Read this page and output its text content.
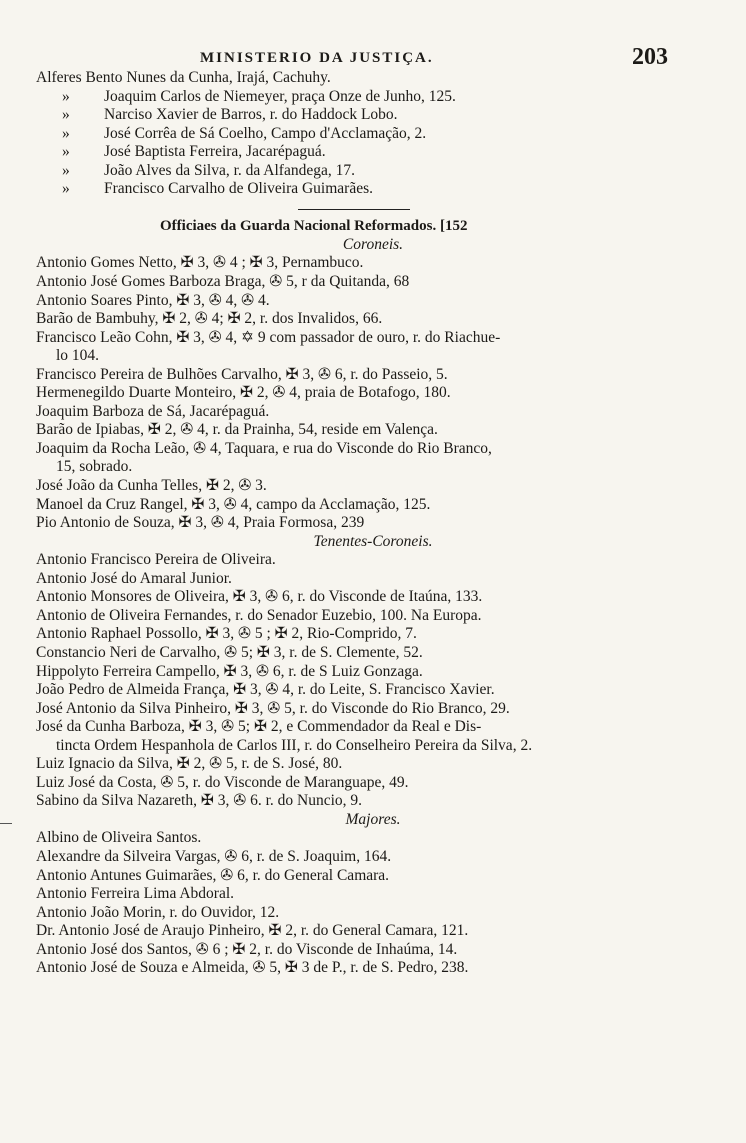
MINISTERIO DA JUSTIÇA.	203
Alferes Bento Nunes da Cunha, Irajá, Cachuhy.
» Joaquim Carlos de Niemeyer, praça Onze de Junho, 125.
» Narciso Xavier de Barros, r. do Haddock Lobo.
» José Corrêa de Sá Coelho, Campo d'Acclamação, 2.
» José Baptista Ferreira, Jacarépaguá.
» João Alves da Silva, r. da Alfandega, 17.
» Francisco Carvalho de Oliveira Guimarães.
Officiaes da Guarda Nacional Reformados. [152
Coroneis.
Antonio Gomes Netto, ✠ 3, ✇ 4 ; ✠ 3, Pernambuco.
Antonio José Gomes Barboza Braga, ✇ 5, r da Quitanda, 68
Antonio Soares Pinto, ✠ 3, ✇ 4, ✇ 4.
Barão de Bambuhy, ✠ 2, ✇ 4; ✠ 2, r. dos Invalidos, 66.
Francisco Leão Cohn, ✠ 3, ✇ 4, ✡ 9 com passador de ouro, r. do Riachue-
lo 104.
Francisco Pereira de Bulhões Carvalho, ✠ 3, ✇ 6, r. do Passeio, 5.
Hermenegildo Duarte Monteiro, ✠ 2, ✇ 4, praia de Botafogo, 180.
Joaquim Barboza de Sá, Jacarépaguá.
Barão de Ipiabas, ✠ 2, ✇ 4, r. da Prainha, 54, reside em Valença.
Joaquim da Rocha Leão, ✇ 4, Taquara, e rua do Visconde do Rio Branco,
15, sobrado.
José João da Cunha Telles, ✠ 2, ✇ 3.
Manoel da Cruz Rangel, ✠ 3, ✇ 4, campo da Acclamação, 125.
Pio Antonio de Souza, ✠ 3, ✇ 4, Praia Formosa, 239
Tenentes-Coroneis.
Antonio Francisco Pereira de Oliveira.
Antonio José do Amaral Junior.
Antonio Monsores de Oliveira, ✠ 3, ✇ 6, r. do Visconde de Itaúna, 133.
Antonio de Oliveira Fernandes, r. do Senador Euzebio, 100. Na Europa.
Antonio Raphael Possollo, ✠ 3, ✇ 5 ; ✠ 2, Rio-Comprido, 7.
Constancio Neri de Carvalho, ✇ 5; ✠ 3, r. de S. Clemente, 52.
Hippolyto Ferreira Campello, ✠ 3, ✇ 6, r. de S Luiz Gonzaga.
João Pedro de Almeida França, ✠ 3, ✇ 4, r. do Leite, S. Francisco Xavier.
José Antonio da Silva Pinheiro, ✠ 3, ✇ 5, r. do Visconde do Rio Branco, 29.
José da Cunha Barboza, ✠ 3, ✇ 5; ✠ 2, e Commendador da Real e Dis-
tincta Ordem Hespanhola de Carlos III, r. do Conselheiro Pereira da Silva, 2.
Luiz Ignacio da Silva, ✠ 2, ✇ 5, r. de S. José, 80.
Luiz José da Costa, ✇ 5, r. do Visconde de Maranguape, 49.
Sabino da Silva Nazareth, ✠ 3, ✇ 6. r. do Nuncio, 9.
Majores.
Albino de Oliveira Santos.
Alexandre da Silveira Vargas, ✇ 6, r. de S. Joaquim, 164.
Antonio Antunes Guimarães, ✇ 6, r. do General Camara.
Antonio Ferreira Lima Abdoral.
Antonio João Morin, r. do Ouvidor, 12.
Dr. Antonio José de Araujo Pinheiro, ✠ 2, r. do General Camara, 121.
Antonio José dos Santos, ✇ 6 ; ✠ 2, r. do Visconde de Inhaúma, 14.
Antonio José de Souza e Almeida, ✇ 5, ✠ 3 de P., r. de S. Pedro, 238.
